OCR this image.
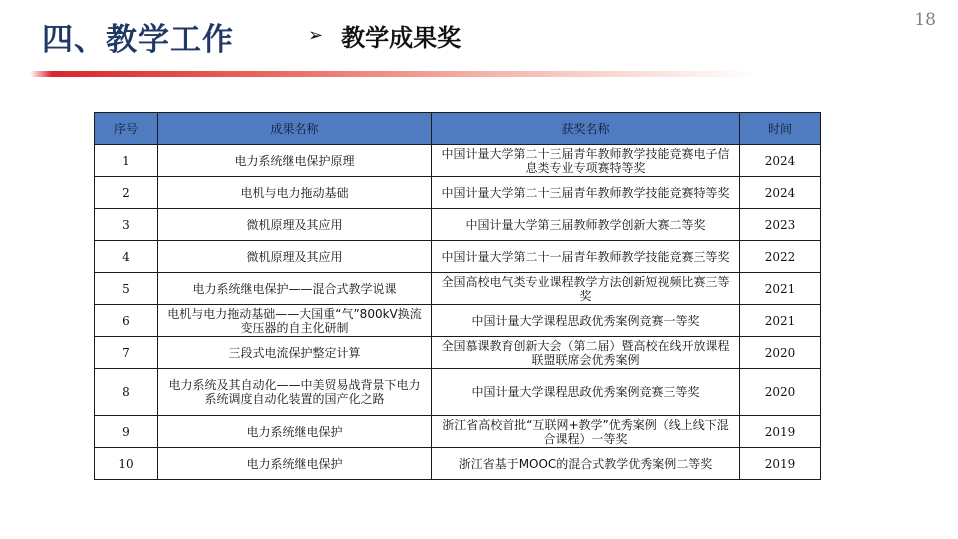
四、教学工作	➢ 教学成果奖
18
序号	成果名称	获奖名称	时间
1	电力系统继电保护原理	中国计量大学第二十三届青年教师教学技能竞赛电子信息类专业专项赛特等奖	2024
2	电机与电力拖动基础	中国计量大学第二十三届青年教师教学技能竞赛特等奖	2024
3	微机原理及其应用	中国计量大学第三届教师教学创新大赛二等奖	2023
4	微机原理及其应用	中国计量大学第二十一届青年教师教学技能竞赛三等奖	2022
5	电力系统继电保护——混合式教学说课	全国高校电气类专业课程教学方法创新短视频比赛三等奖	2021
6	电机与电力拖动基础——大国重“气”800kV换流变压器的自主化研制	中国计量大学课程思政优秀案例竞赛一等奖	2021
7	三段式电流保护整定计算	全国慕课教育创新大会（第二届）暨高校在线开放课程联盟联席会优秀案例	2020
8	电力系统及其自动化——中美贸易战背景下电力系统调度自动化装置的国产化之路	中国计量大学课程思政优秀案例竞赛三等奖	2020
9	电力系统继电保护	浙江省高校首批“互联网+教学”优秀案例（线上线下混合课程）一等奖	2019
10	电力系统继电保护	浙江省基于MOOC的混合式教学优秀案例二等奖	2019
